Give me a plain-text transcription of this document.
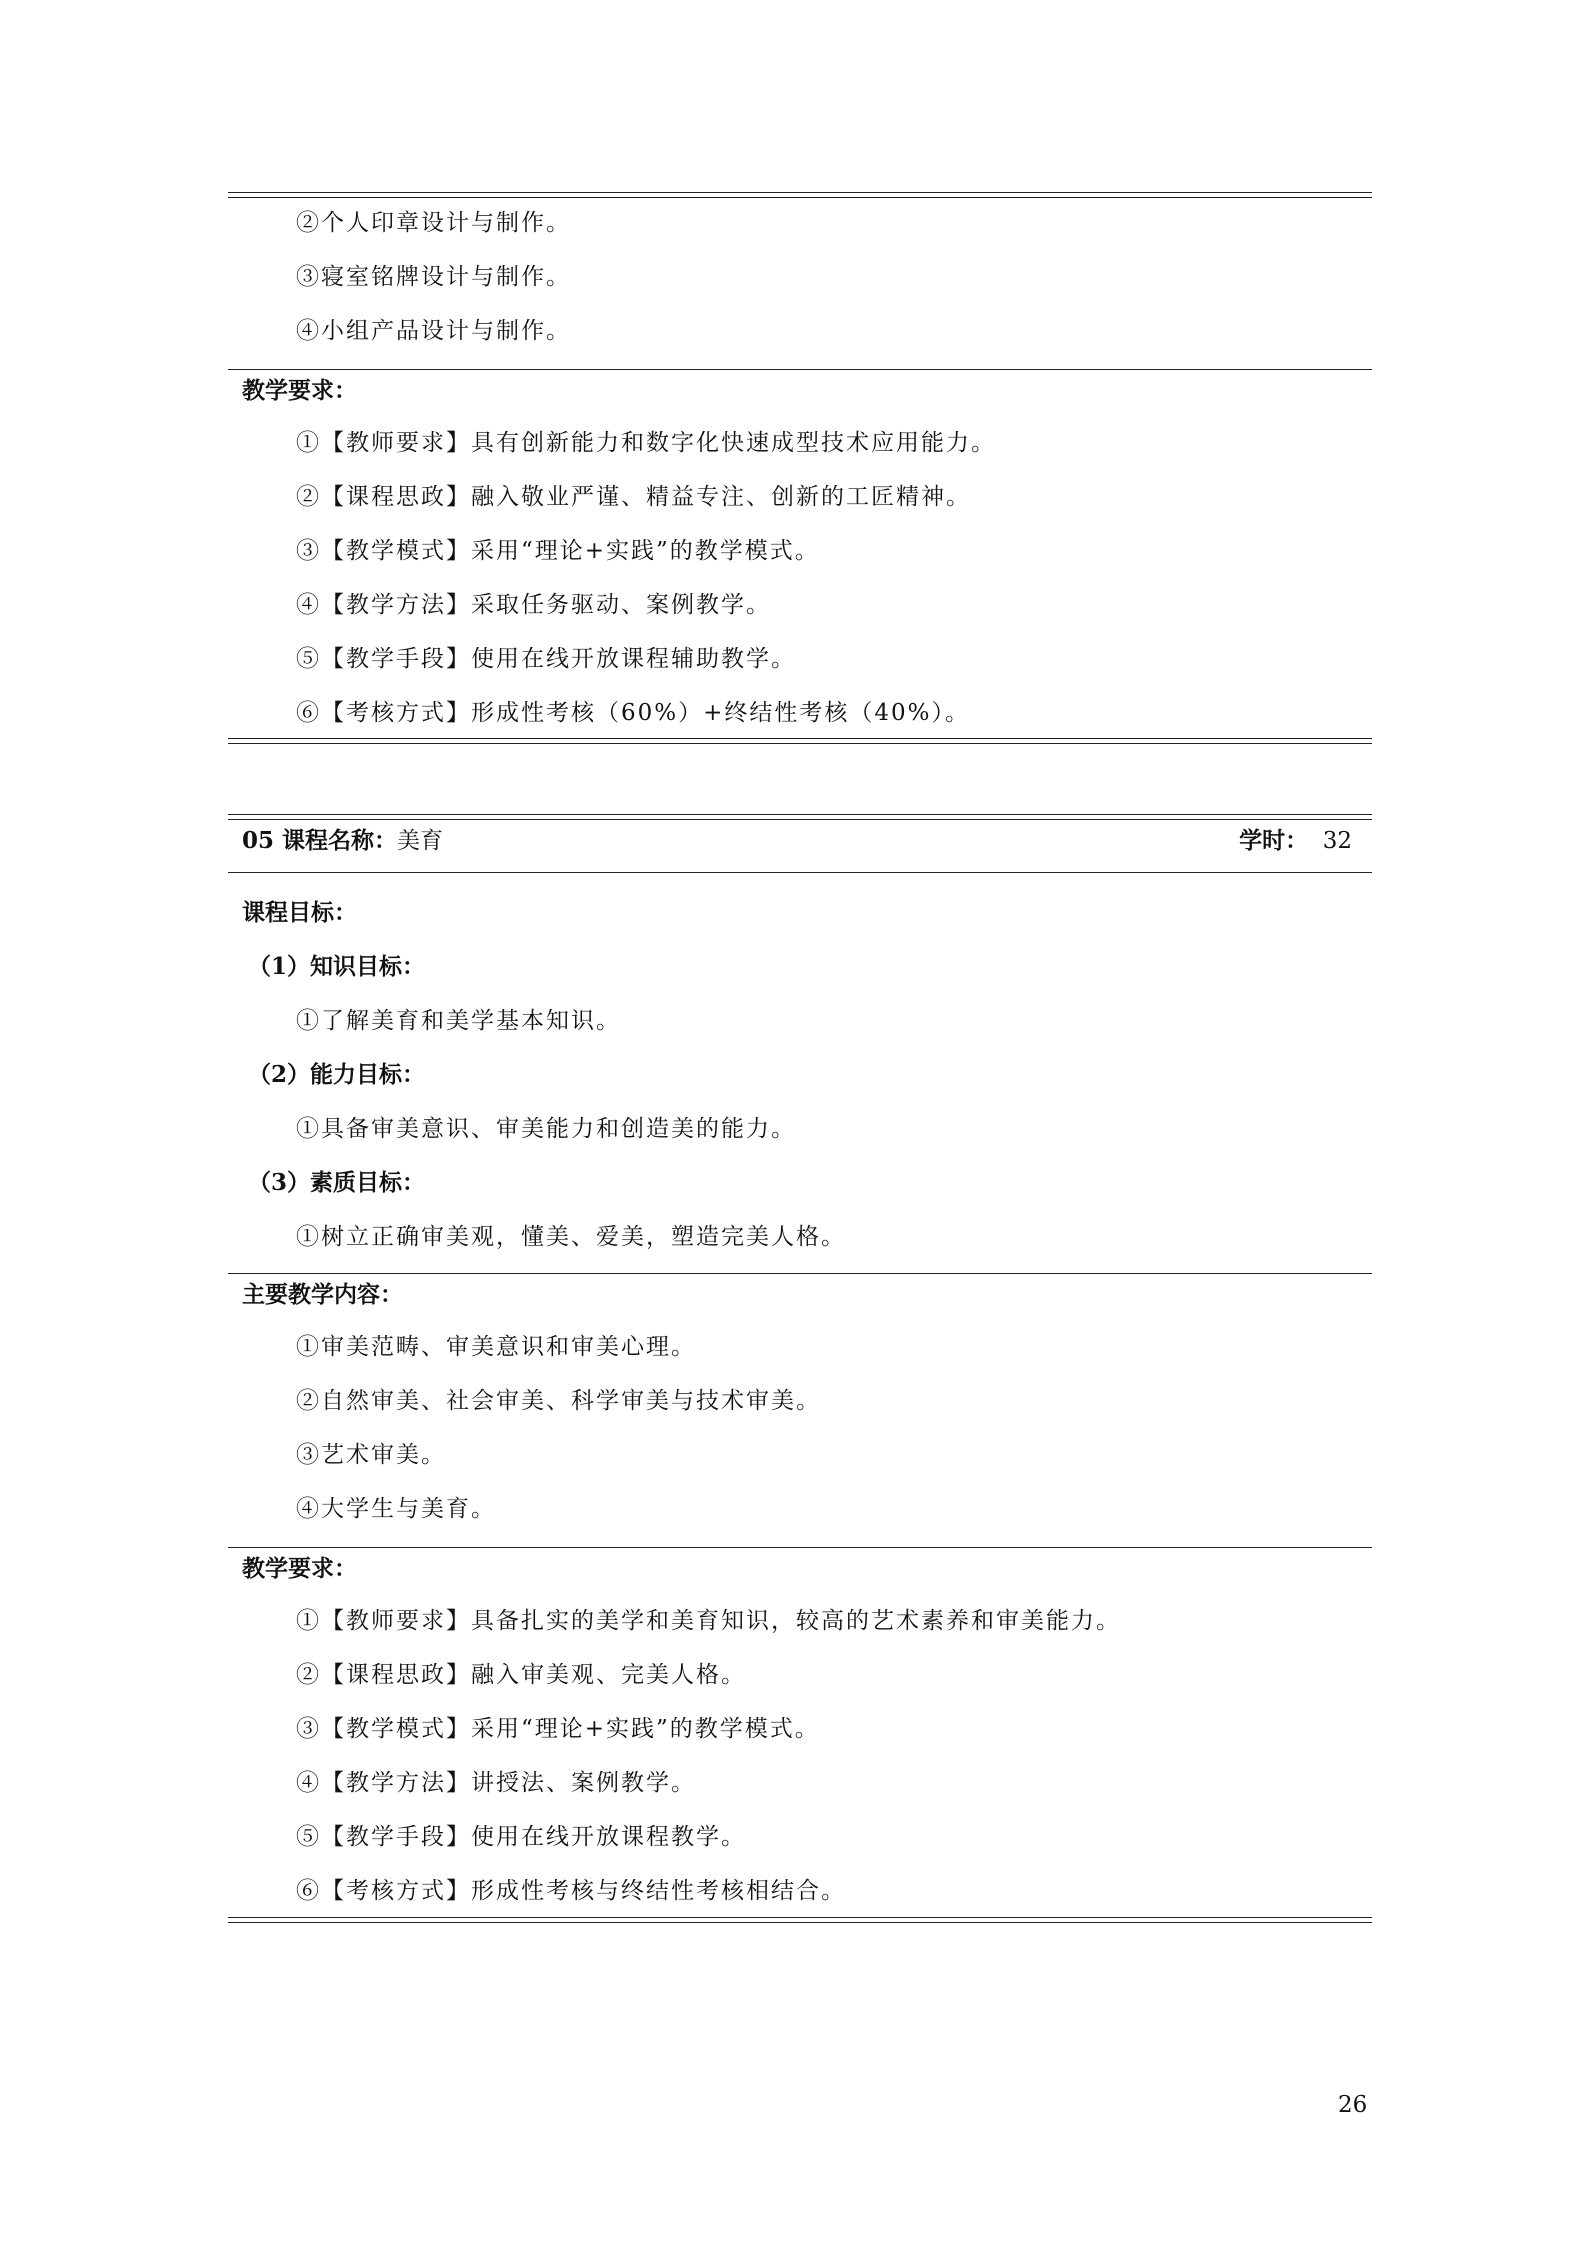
②个人印章设计与制作。
③寝室铭牌设计与制作。
④小组产品设计与制作。
教学要求：
①【教师要求】具有创新能力和数字化快速成型技术应用能力。
②【课程思政】融入敬业严谨、精益专注、创新的工匠精神。
③【教学模式】采用“理论+实践”的教学模式。
④【教学方法】采取任务驱动、案例教学。
⑤【教学手段】使用在线开放课程辅助教学。
⑥【考核方式】形成性考核（60%）+终结性考核（40%）。
05 课程名称：美育	学时： 32
课程目标：
（1）知识目标：
①了解美育和美学基本知识。
（2）能力目标：
①具备审美意识、审美能力和创造美的能力。
（3）素质目标：
①树立正确审美观，懂美、爱美，塑造完美人格。
主要教学内容：
①审美范畴、审美意识和审美心理。
②自然审美、社会审美、科学审美与技术审美。
③艺术审美。
④大学生与美育。
教学要求：
①【教师要求】具备扎实的美学和美育知识，较高的艺术素养和审美能力。
②【课程思政】融入审美观、完美人格。
③【教学模式】采用“理论+实践”的教学模式。
④【教学方法】讲授法、案例教学。
⑤【教学手段】使用在线开放课程教学。
⑥【考核方式】形成性考核与终结性考核相结合。
26
